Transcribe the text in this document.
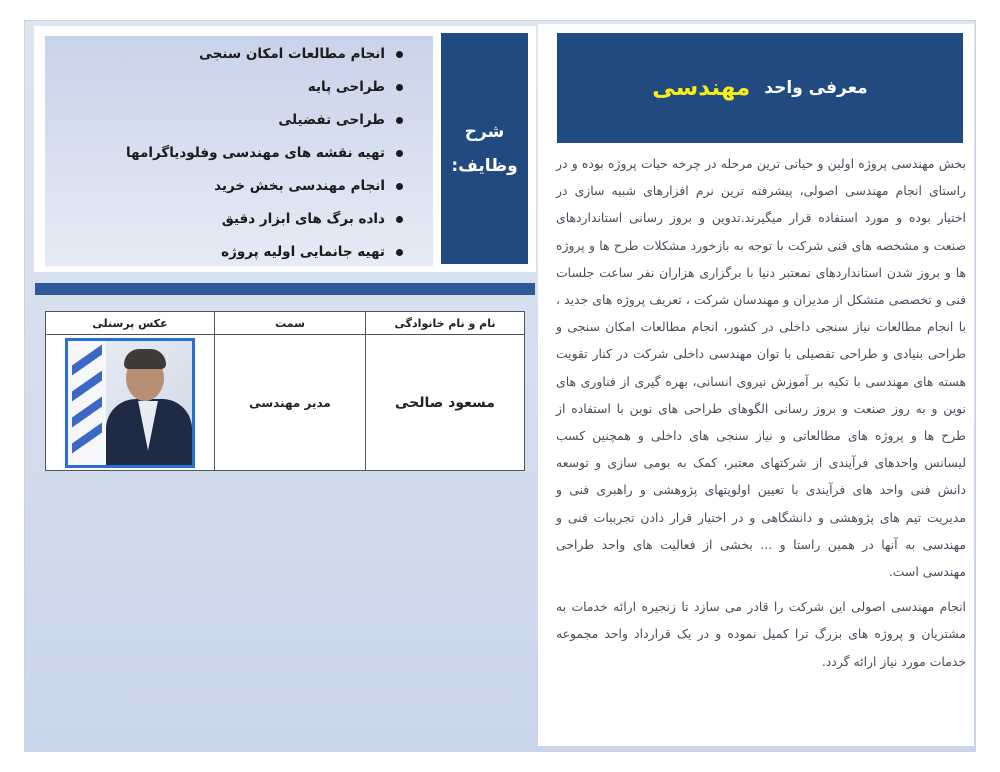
معرفی واحد
مهندسی

بخش مهندسی پروژه اولین و حیاتی ترین مرحله در چرخه حیات پروژه بوده و در راستای انجام مهندسی اصولی، پیشرفته ترین نرم افزارهای شبیه سازی در اختیار بوده و مورد استفاده قرار میگیرند.تدوین و بروز رسانی استانداردهای صنعت و مشخصه های فنی شرکت با توجه به بازخورد مشکلات طرح ها و پروژه ها و بروز شدن استانداردهای نمعتبر دنیا با برگزاری هزاران نفر ساعت جلسات فنی و تخصصی متشکل از مدیران و مهندسان شرکت ، تعریف پروژه های جدید ، با انجام مطالعات نیاز سنجی داخلی در کشور، انجام مطالعات امکان سنجی و طراحی بنیادی و طراحی تفصیلی با توان مهندسی داخلی شرکت در کنار تقویت هسته های مهندسی با تکیه بر آموزش نیروی انسانی، بهره گیری از فناوری های نوین و به روز صنعت و بروز رسانی الگوهای طراحی های نوین با استفاده از طرح ها و پروژه های مطالعاتی و نیاز سنجی های داخلی و همچنین کسب لیسانس واحدهای فرآیندی از شرکتهای معتبر، کمک به بومی سازی و توسعه دانش فنی واحد های فرآیندی با تعیین اولویتهای پژوهشی و راهبری فنی و مدیریت تیم های پژوهشی و دانشگاهی و در اختیار قرار دادن تجربیات فنی و مهندسی به آنها در همین راستا و ... بخشی از فعالیت های واحد طراحی مهندسی است.

انجام مهندسی اصولی این شرکت را قادر می سازد تا زنجیره ارائه خدمات به مشتریان و پروژه های بزرگ ترا کمیل نموده و در یک قرارداد واحد مجموعه خدمات مورد نیاز ارائه گردد.

انجام مطالعات امکان سنجی
طراحی پایه
طراحی تفضیلی
تهیه نقشه های مهندسی وفلودیاگرامها
انجام مهندسی بخش خرید
داده برگ های ابزار دقیق
تهیه جانمایی اولیه پروژه
شرح
وظایف:
نام و نام خانوادگی	سمت	عکس پرسنلی
مسعود صالحی	مدیر مهندسی	
